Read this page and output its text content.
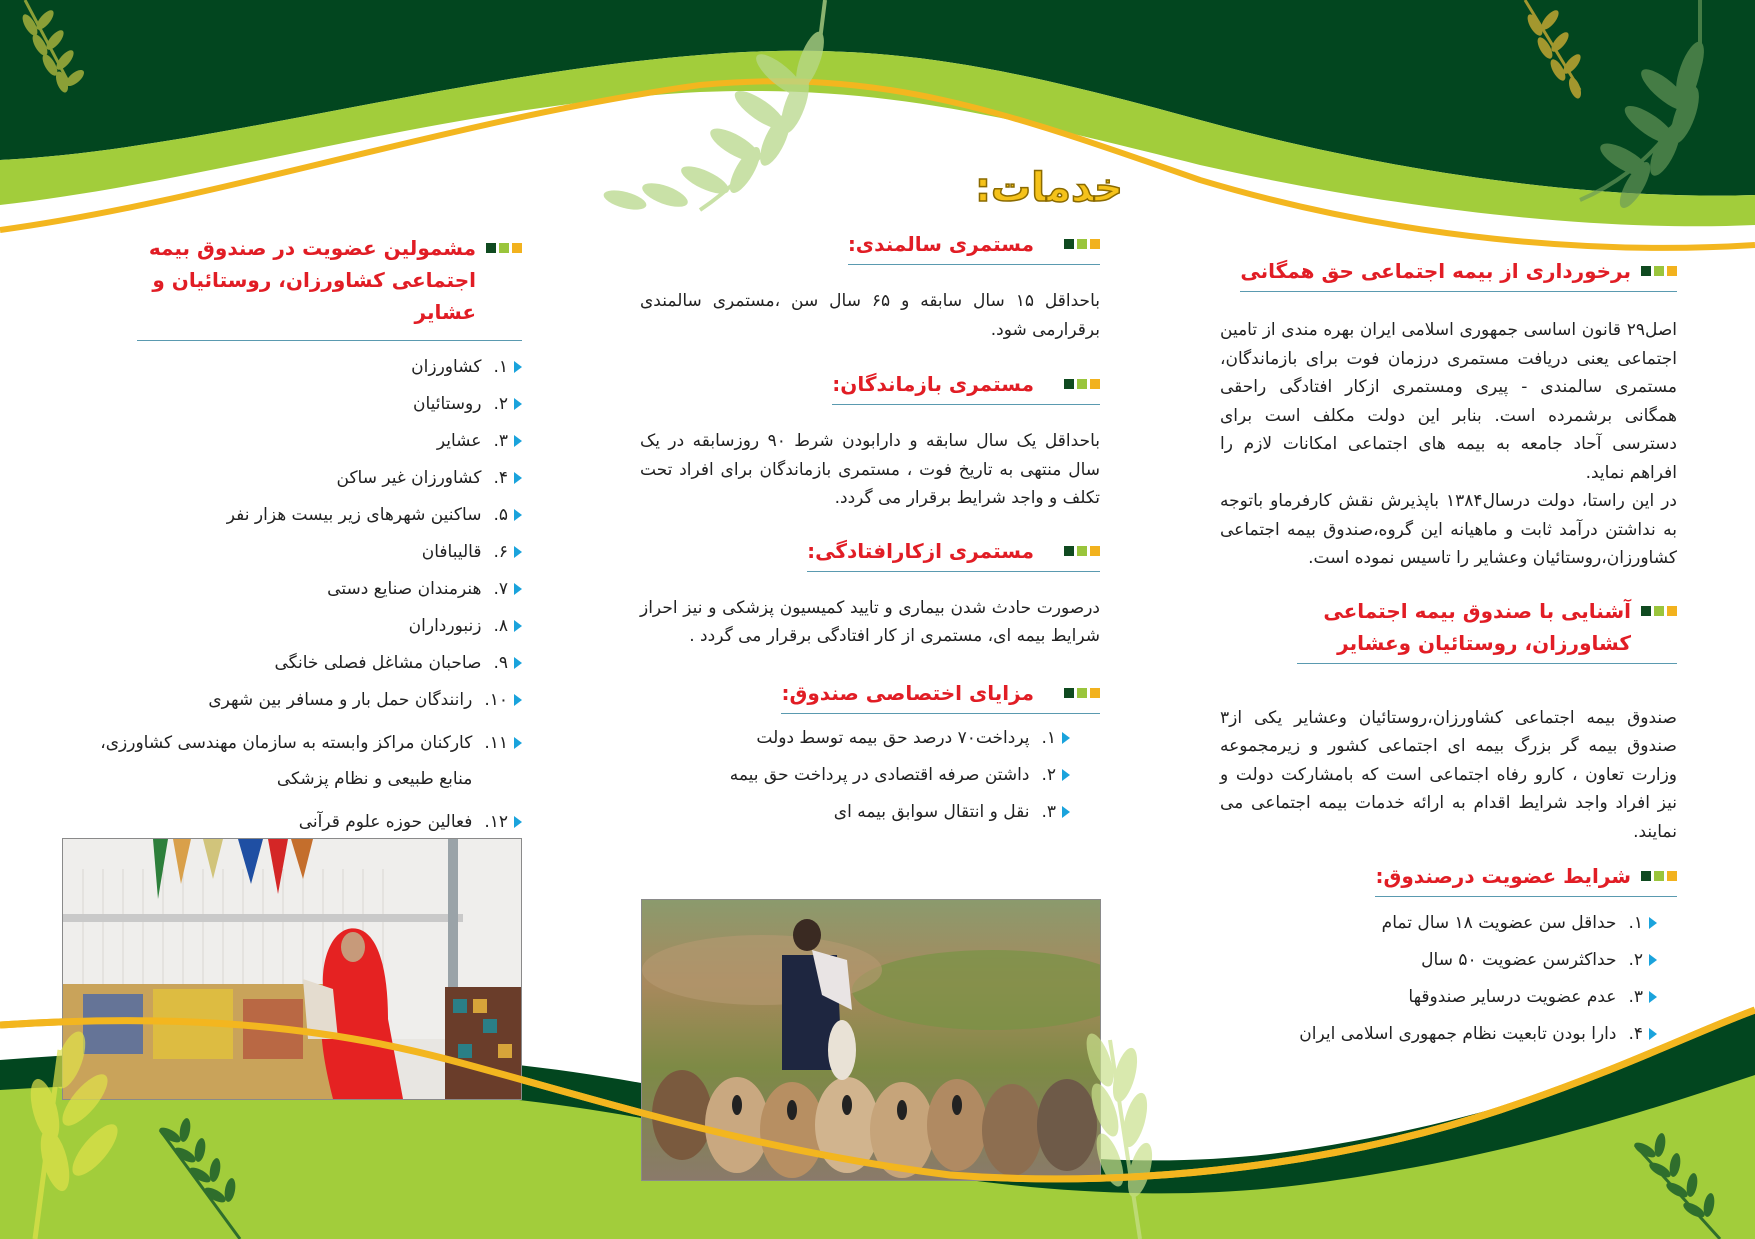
برخورداری از بیمه اجتماعی حق همگانی
اصل۲۹ قانون اساسی جمهوری اسلامی ایران بهره مندی از تامین اجتماعی یعنی دریافت مستمری درزمان فوت برای بازماندگان، مستمری سالمندی - پیری ومستمری ازکار افتادگی راحقی همگانی برشمرده است. بنابر این دولت مکلف است برای دسترسی آحاد جامعه به بیمه های اجتماعی امکانات لازم را افراهم نماید.
در این راستا، دولت درسال۱۳۸۴ باپذیرش نقش کارفرماو باتوجه به نداشتن درآمد ثابت و ماهیانه این گروه،صندوق بیمه اجتماعی کشاورزان،روستائیان وعشایر را تاسیس نموده است.
آشنایی با صندوق بیمه اجتماعی کشاورزان، روستائیان وعشایر
صندوق بیمه اجتماعی کشاورزان،روستائیان وعشایر یکی از۳ صندوق بیمه گر بزرگ بیمه ای اجتماعی کشور و زیرمجموعه وزارت تعاون ، کارو رفاه اجتماعی است که بامشارکت دولت و نیز افراد واجد شرایط اقدام به ارائه خدمات بیمه اجتماعی می نمایند.
شرایط عضویت درصندوق:
۱.
حداقل سن عضویت ۱۸ سال تمام
۲.
حداکثرسن عضویت ۵۰ سال
۳.
عدم عضویت درسایر صندوقها
۴.
دارا بودن تابعیت نظام جمهوری اسلامی ایران
خدمات:
مستمری سالمندی:
باحداقل ۱۵ سال سابقه و ۶۵ سال سن ،مستمری سالمندی برقرارمی شود.
مستمری بازماندگان:
باحداقل یک سال سابقه و دارابودن شرط ۹۰ روزسابقه در یک سال منتهی به تاریخ فوت ، مستمری بازماندگان برای افراد تحت تکلف و واجد شرایط برقرار می گردد.
مستمری ازکارافتادگی:
درصورت حادث شدن بیماری و تایید کمیسیون پزشکی و نیز احراز شرایط بیمه ای، مستمری از کار افتادگی برقرار می گردد .
مزایای اختصاصی صندوق:
۱.
پرداخت۷۰ درصد حق بیمه توسط دولت
۲.
داشتن صرفه اقتصادی در پرداخت حق بیمه
۳.
نقل و انتقال سوابق بیمه ای
مشمولین عضویت در صندوق بیمه اجتماعی کشاورزان، روستائیان و عشایر
۱.
کشاورزان
۲.
روستائیان
۳.
عشایر
۴.
کشاورزان غیر ساکن
۵.
ساکنین شهرهای زیر بیست هزار نفر
۶.
قالیبافان
۷.
هنرمندان صنایع دستی
۸.
زنبورداران
۹.
صاحبان مشاغل فصلی خانگی
۱۰.
رانندگان حمل بار و مسافر بین شهری
۱۱.
کارکنان مراکز وابسته به سازمان مهندسی کشاورزی، منابع طبیعی و نظام پزشکی
۱۲.
فعالین حوزه علوم قرآنی
